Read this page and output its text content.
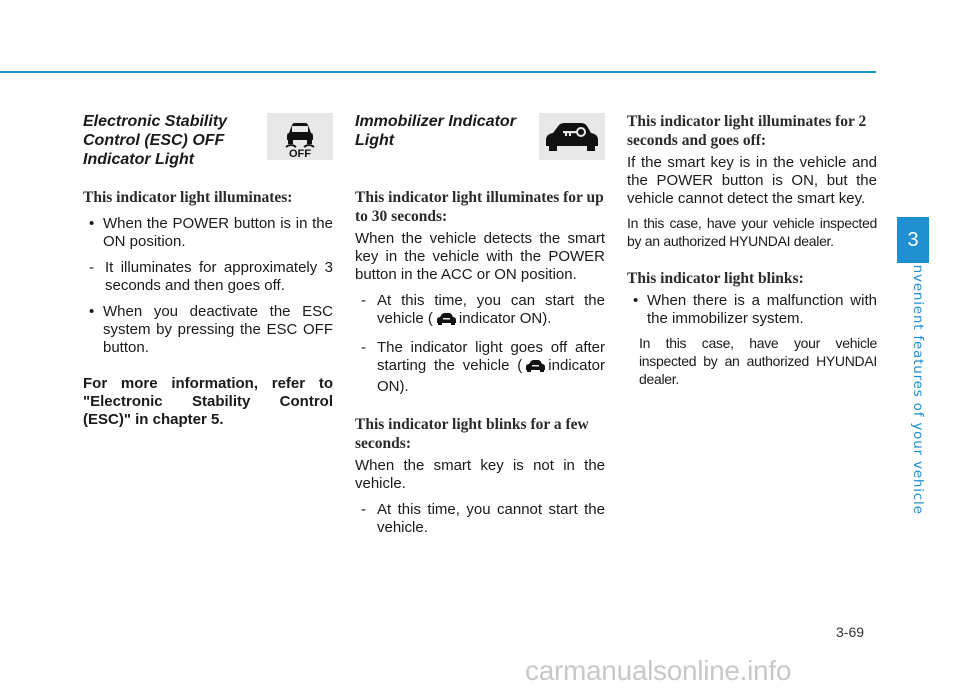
Electronic Stability
Control (ESC) OFF
Indicator Light

This indicator light illuminates:

• When the POWER button is in the ON position.

- It illuminates for approximately 3 seconds and then goes off.

• When you deactivate the ESC system by pressing the ESC OFF button.

For more information, refer to "Electronic Stability Control (ESC)" in chapter 5.

OFF
Immobilizer Indicator
Light

This indicator light illuminates for up to 30 seconds:

When the vehicle detects the smart key in the vehicle with the POWER button in the ACC or ON position.

- At this time, you can start the vehicle ( indicator ON).

- The indicator light goes off after starting the vehicle ( indicator ON).

This indicator light blinks for a few seconds:

When the smart key is not in the vehicle.

- At this time, you cannot start the vehicle.

This indicator light illuminates for 2 seconds and goes off:

If the smart key is in the vehicle and the POWER button is ON, but the vehicle cannot detect the smart key.

In this case, have your vehicle inspected by an authorized HYUNDAI dealer.

This indicator light blinks:

• When there is a malfunction with the immobilizer system.

In this case, have your vehicle inspected by an authorized HYUNDAI dealer.

3
Convenient features of your vehicle
3-69
carmanualsonline.info
